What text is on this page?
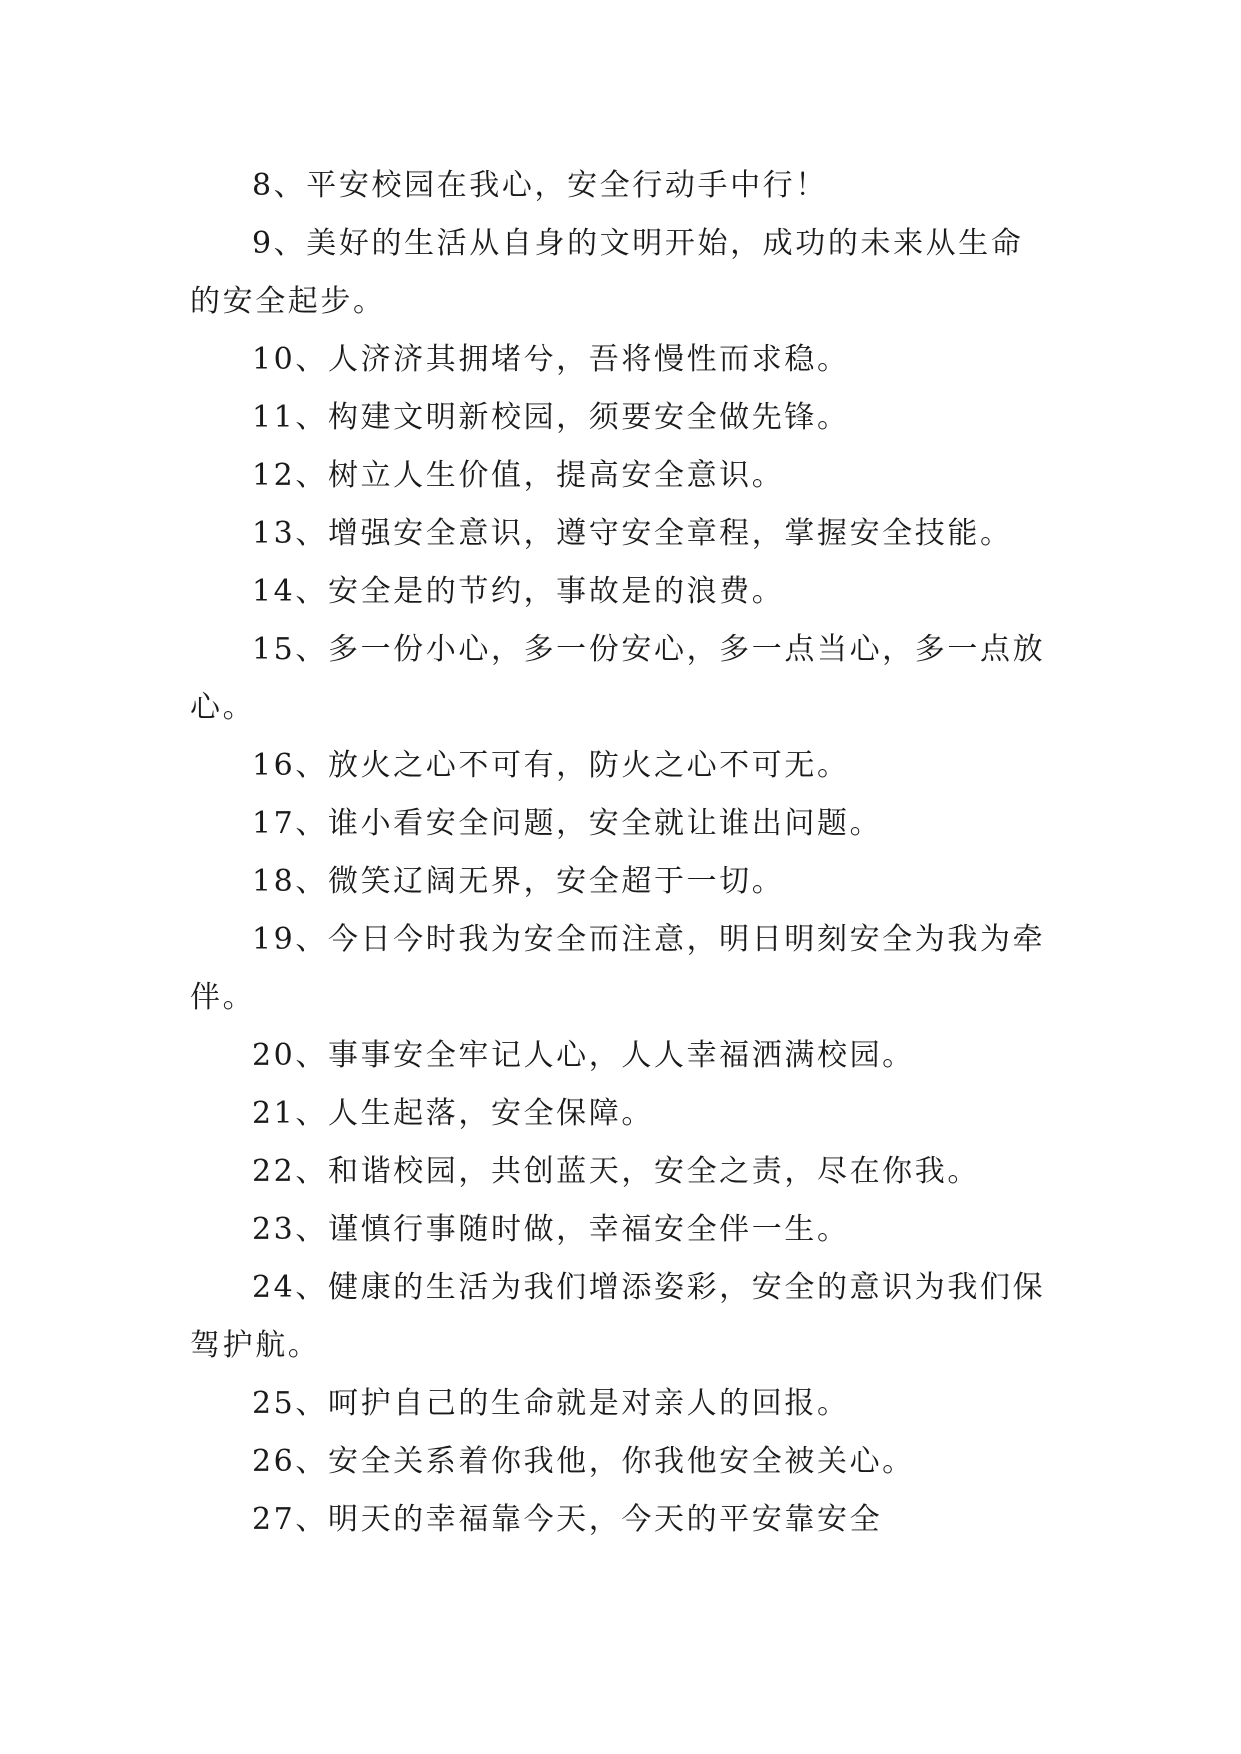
8、平安校园在我心，安全行动手中行！

9、美好的生活从自身的文明开始，成功的未来从生命的安全起步。

10、人济济其拥堵兮，吾将慢性而求稳。

11、构建文明新校园，须要安全做先锋。

12、树立人生价值，提高安全意识。

13、增强安全意识，遵守安全章程，掌握安全技能。

14、安全是的节约，事故是的浪费。

15、多一份小心，多一份安心，多一点当心，多一点放心。

16、放火之心不可有，防火之心不可无。

17、谁小看安全问题，安全就让谁出问题。

18、微笑辽阔无界，安全超于一切。

19、今日今时我为安全而注意，明日明刻安全为我为牵伴。

20、事事安全牢记人心，人人幸福洒满校园。

21、人生起落，安全保障。

22、和谐校园，共创蓝天，安全之责，尽在你我。

23、谨慎行事随时做，幸福安全伴一生。

24、健康的生活为我们增添姿彩，安全的意识为我们保驾护航。

25、呵护自己的生命就是对亲人的回报。

26、安全关系着你我他，你我他安全被关心。

27、明天的幸福靠今天，今天的平安靠安全
